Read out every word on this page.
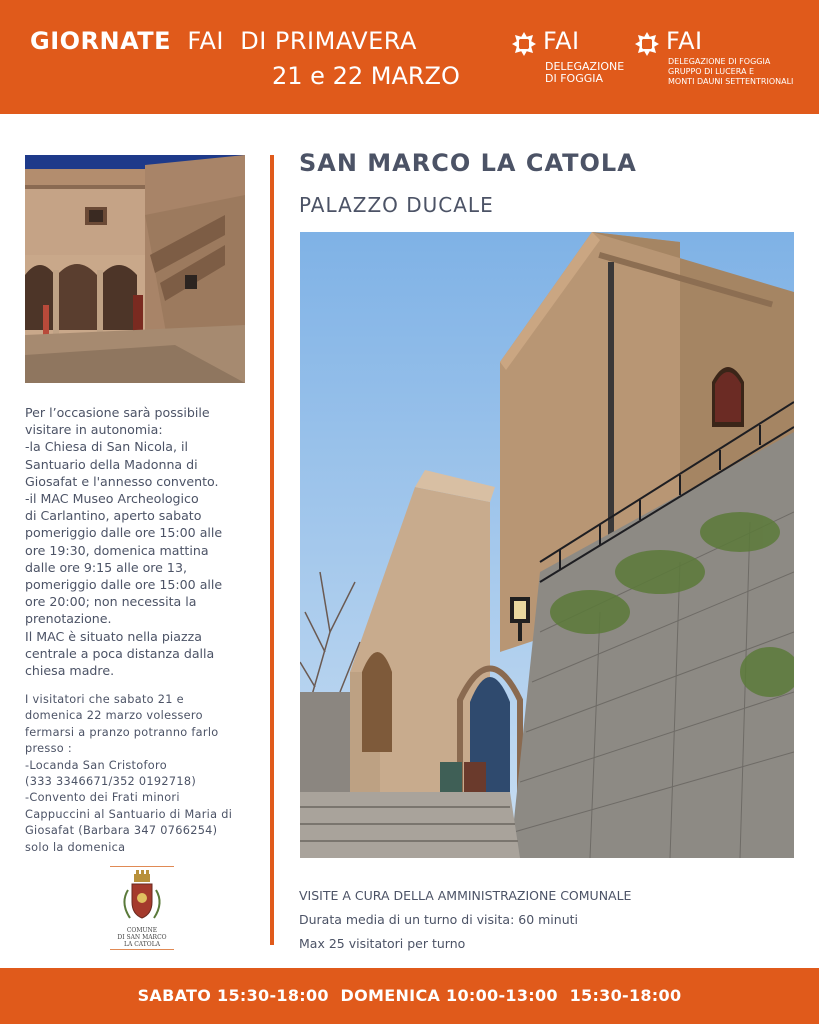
GIORNATE FAI DI PRIMAVERA
21 e 22 MARZO
FAI
DELEGAZIONE
DI FOGGIA
FAI
DELEGAZIONE DI FOGGIA
GRUPPO DI LUCERA E
MONTI DAUNI SETTENTRIONALI
SAN MARCO LA CATOLA
PALAZZO DUCALE

Per l’occasione sarà possibile

visitare in autonomia:

-la Chiesa di San Nicola, il

Santuario della Madonna di

Giosafat e l'annesso convento.

-il MAC Museo Archeologico

di Carlantino, aperto sabato

pomeriggio dalle ore 15:00 alle

ore 19:30, domenica mattina

dalle ore 9:15 alle ore 13,

pomeriggio dalle ore 15:00 alle

ore 20:00; non necessita la

prenotazione.

Il MAC è situato nella piazza

centrale a poca distanza dalla

chiesa madre.

I visitatori che sabato 21 e

domenica 22 marzo volessero

fermarsi a pranzo potranno farlo

presso :

-Locanda San Cristoforo

(333 3346671/352 0192718)

-Convento dei Frati minori

Cappuccini al Santuario di Maria di

Giosafat (Barbara 347 0766254)

solo la domenica

COMUNE
DI SAN MARCO
LA CATOLA
VISITE A CURA DELLA AMMINISTRAZIONE COMUNALE
Durata media di un turno di visita: 60 minuti
Max 25 visitatori per turno
SABATO 15:30-18:00  DOMENICA 10:00-13:00  15:30-18:00
